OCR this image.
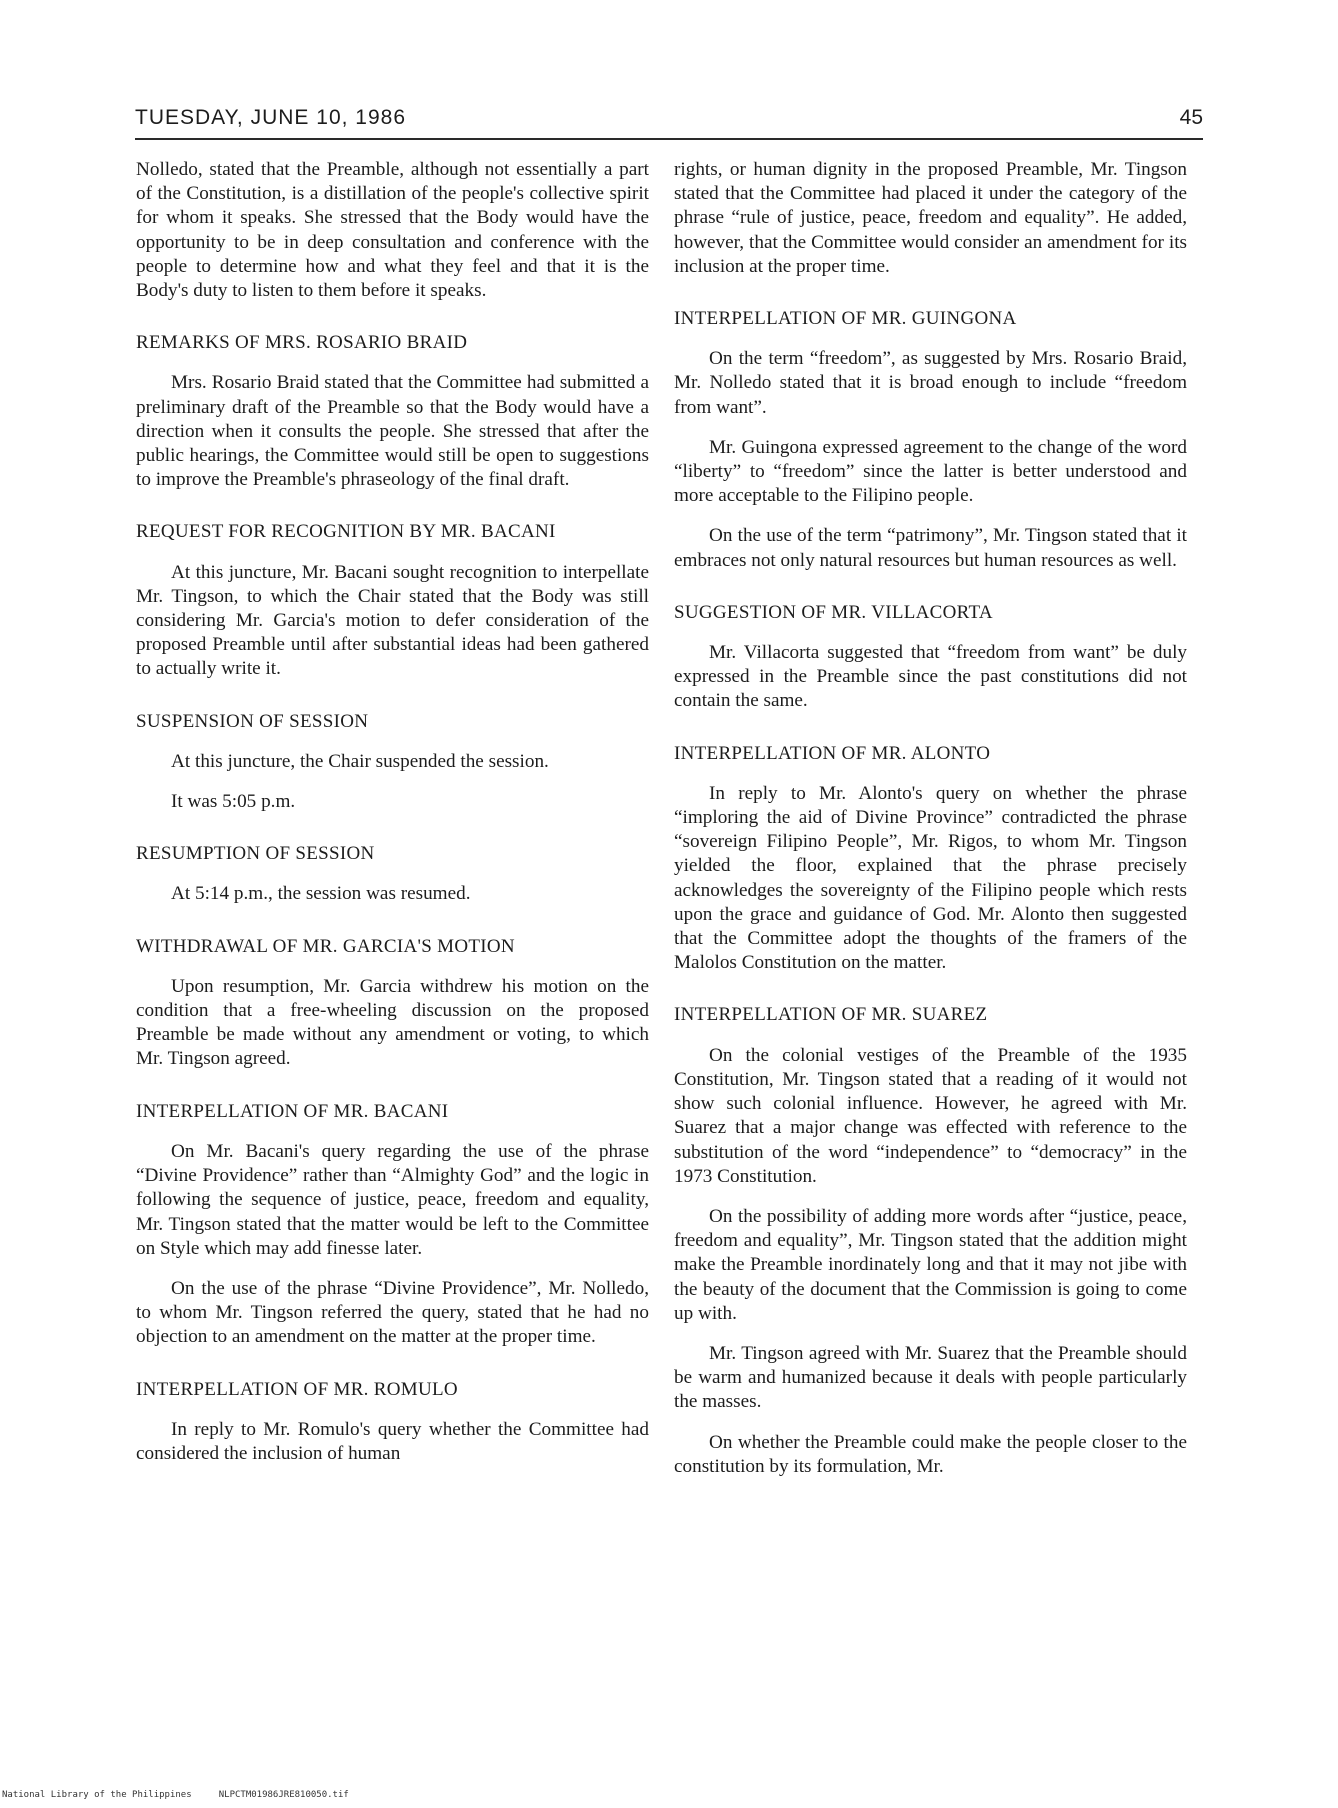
TUESDAY, JUNE 10, 1986	45

Nolledo, stated that the Preamble, although not essentially a part of the Constitution, is a distillation of the people's collective spirit for whom it speaks. She stressed that the Body would have the opportunity to be in deep consultation and conference with the people to determine how and what they feel and that it is the Body's duty to listen to them before it speaks.

REMARKS OF MRS. ROSARIO BRAID

Mrs. Rosario Braid stated that the Committee had submitted a preliminary draft of the Preamble so that the Body would have a direction when it consults the people. She stressed that after the public hearings, the Committee would still be open to suggestions to improve the Preamble's phraseology of the final draft.

REQUEST FOR RECOGNITION BY MR. BACANI

At this juncture, Mr. Bacani sought recognition to interpellate Mr. Tingson, to which the Chair stated that the Body was still considering Mr. Garcia's motion to defer consideration of the proposed Preamble until after substantial ideas had been gathered to actually write it.

SUSPENSION OF SESSION

At this juncture, the Chair suspended the session.

It was 5:05 p.m.

RESUMPTION OF SESSION

At 5:14 p.m., the session was resumed.

WITHDRAWAL OF MR. GARCIA'S MOTION

Upon resumption, Mr. Garcia withdrew his motion on the condition that a free-wheeling discussion on the proposed Preamble be made without any amendment or voting, to which Mr. Tingson agreed.

INTERPELLATION OF MR. BACANI

On Mr. Bacani's query regarding the use of the phrase “Divine Providence” rather than “Almighty God” and the logic in following the sequence of justice, peace, freedom and equality, Mr. Tingson stated that the matter would be left to the Committee on Style which may add finesse later.

On the use of the phrase “Divine Providence”, Mr. Nolledo, to whom Mr. Tingson referred the query, stated that he had no objection to an amendment on the matter at the proper time.

INTERPELLATION OF MR. ROMULO

In reply to Mr. Romulo's query whether the Committee had considered the inclusion of human

rights, or human dignity in the proposed Preamble, Mr. Tingson stated that the Committee had placed it under the category of the phrase “rule of justice, peace, freedom and equality”. He added, however, that the Committee would consider an amendment for its inclusion at the proper time.

INTERPELLATION OF MR. GUINGONA

On the term “freedom”, as suggested by Mrs. Rosario Braid, Mr. Nolledo stated that it is broad enough to include “freedom from want”.

Mr. Guingona expressed agreement to the change of the word “liberty” to “freedom” since the latter is better understood and more acceptable to the Filipino people.

On the use of the term “patrimony”, Mr. Tingson stated that it embraces not only natural resources but human resources as well.

SUGGESTION OF MR. VILLACORTA

Mr. Villacorta suggested that “freedom from want” be duly expressed in the Preamble since the past constitutions did not contain the same.

INTERPELLATION OF MR. ALONTO

In reply to Mr. Alonto's query on whether the phrase “imploring the aid of Divine Province” contradicted the phrase “sovereign Filipino People”, Mr. Rigos, to whom Mr. Tingson yielded the floor, explained that the phrase precisely acknowledges the sovereignty of the Filipino people which rests upon the grace and guidance of God. Mr. Alonto then suggested that the Committee adopt the thoughts of the framers of the Malolos Constitution on the matter.

INTERPELLATION OF MR. SUAREZ

On the colonial vestiges of the Preamble of the 1935 Constitution, Mr. Tingson stated that a reading of it would not show such colonial influence. However, he agreed with Mr. Suarez that a major change was effected with reference to the substitution of the word “independence” to “democracy” in the 1973 Constitution.

On the possibility of adding more words after “justice, peace, freedom and equality”, Mr. Tingson stated that the addition might make the Preamble inordinately long and that it may not jibe with the beauty of the document that the Commission is going to come up with.

Mr. Tingson agreed with Mr. Suarez that the Preamble should be warm and humanized because it deals with people particularly the masses.

On whether the Preamble could make the people closer to the constitution by its formulation, Mr.

National Library of the Philippines	NLPCTM01986JRE810050.tif
